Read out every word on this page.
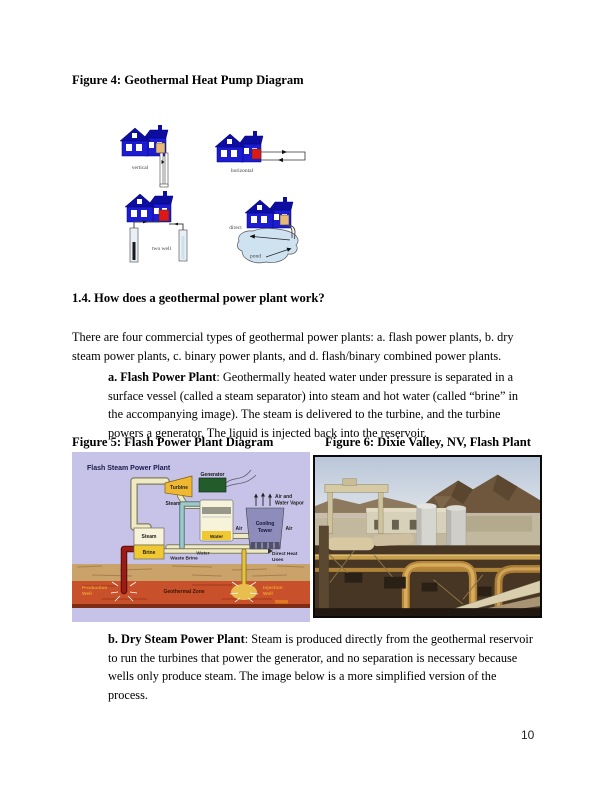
Figure 4: Geothermal Heat Pump Diagram
vertical	horizontal
two well
direct
pond
1.4. How does a geothermal power plant work?
There are four commercial types of geothermal power plants: a. flash power plants, b. dry steam power plants, c. binary power plants, and d. flash/binary combined power plants.
a. Flash Power Plant: Geothermally heated water under pressure is separated in a surface vessel (called a steam separator) into steam and hot water (called “brine” in the accompanying image). The steam is delivered to the turbine, and the turbine powers a generator. The liquid is injected back into the reservoir.
Figure 5: Flash Power Plant Diagram	Figure 6: Dixie Valley, NV, Flash Plant
Steam
Brine
Turbine
Generator
Steam
Water
Cooling
Tower
Air and
Water Vapor
Air	Air
Water
Waste Brine
Direct Heat
Uses
Production
Well	Geothermal Zone
Injection
Well
Flash Steam Power Plant
b. Dry Steam Power Plant: Steam is produced directly from the geothermal reservoir to run the turbines that power the generator, and no separation is necessary because wells only produce steam. The image below is a more simplified version of the process.
10
